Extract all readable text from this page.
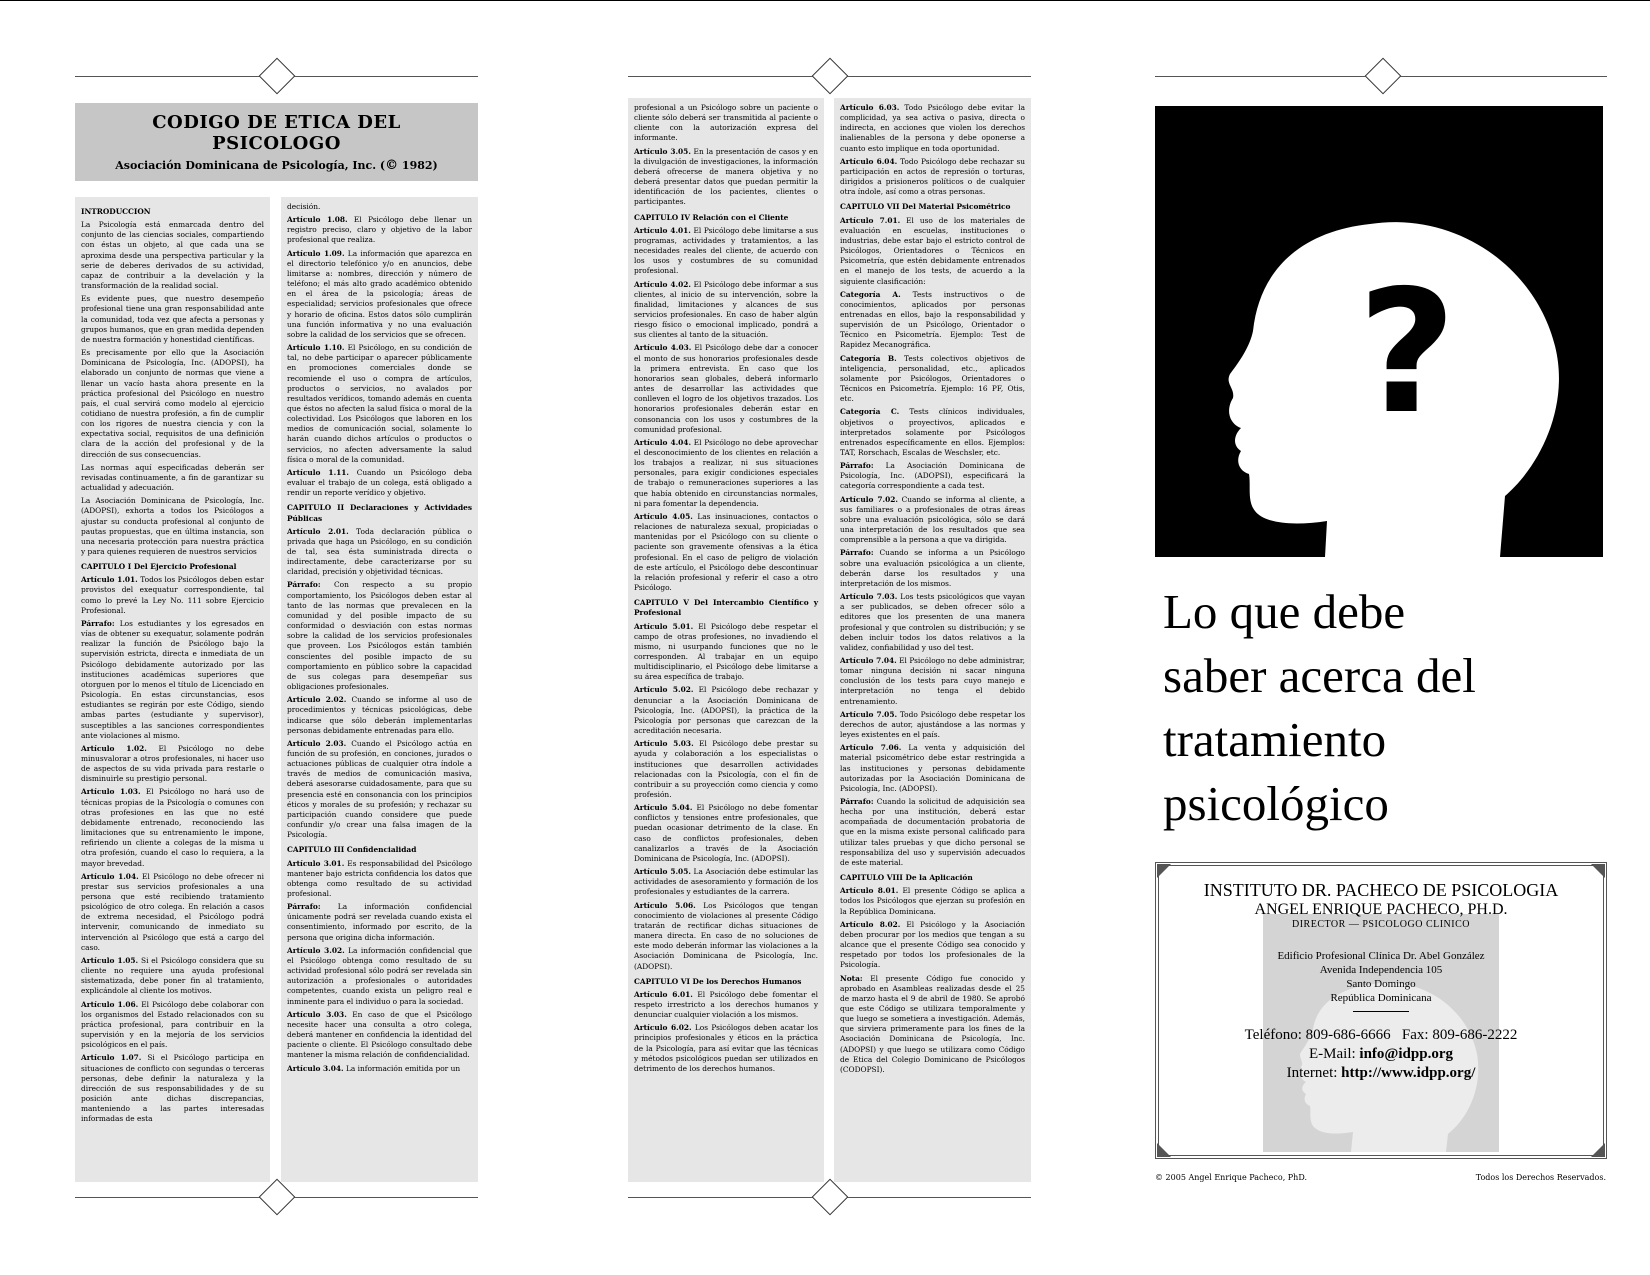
CODIGO DE ETICA DEL
PSICOLOGO
Asociación Dominicana de Psicología, Inc. (© 1982)

INTRODUCCION

La Psicología está enmarcada dentro del conjunto de las ciencias sociales, compartiendo con éstas un objeto, al que cada una se aproxima desde una perspectiva particular y la serie de deberes derivados de su actividad, capaz de contribuir a la develación y la transformación de la realidad social.

Es evidente pues, que nuestro desempeño profesional tiene una gran responsabilidad ante la comunidad, toda vez que afecta a personas y grupos humanos, que en gran medida dependen de nuestra formación y honestidad científicas.

Es precisamente por ello que la Asociación Dominicana de Psicología, Inc. (ADOPSI), ha elaborado un conjunto de normas que viene a llenar un vacío hasta ahora presente en la práctica profesional del Psicólogo en nuestro país, el cual servirá como modelo al ejercicio cotidiano de nuestra profesión, a fin de cumplir con los rigores de nuestra ciencia y con la expectativa social, requisitos de una definición clara de la acción del profesional y de la dirección de sus consecuencias.

Las normas aquí especificadas deberán ser revisadas continuamente, a fin de garantizar su actualidad y adecuación.

La Asociación Dominicana de Psicología, Inc. (ADOPSI), exhorta a todos los Psicólogos a ajustar su conducta profesional al conjunto de pautas propuestas, que en última instancia, son una necesaria protección para nuestra práctica y para quienes requieren de nuestros servicios

CAPITULO I Del Ejercicio Profesional

Artículo 1.01. Todos los Psicólogos deben estar provistos del exequatur correspondiente, tal como lo prevé la Ley No. 111 sobre Ejercicio Profesional.

Párrafo: Los estudiantes y los egresados en vías de obtener su exequatur, solamente podrán realizar la función de Psicólogo bajo la supervisión estricta, directa e inmediata de un Psicólogo debidamente autorizado por las instituciones académicas superiores que otorguen por lo menos el título de Licenciado en Psicología. En estas circunstancias, esos estudiantes se regirán por este Código, siendo ambas partes (estudiante y supervisor), susceptibles a las sanciones correspondientes ante violaciones al mismo.

Artículo 1.02. El Psicólogo no debe minusvalorar a otros profesionales, ni hacer uso de aspectos de su vida privada para restarle o disminuirle su prestigio personal.

Artículo 1.03. El Psicólogo no hará uso de técnicas propias de la Psicología o comunes con otras profesiones en las que no esté debidamente entrenado, reconociendo las limitaciones que su entrenamiento le impone, refiriendo un cliente a colegas de la misma u otra profesión, cuando el caso lo requiera, a la mayor brevedad.

Artículo 1.04. El Psicólogo no debe ofrecer ni prestar sus servicios profesionales a una persona que esté recibiendo tratamiento psicológico de otro colega. En relación a casos de extrema necesidad, el Psicólogo podrá intervenir, comunicando de inmediato su intervención al Psicólogo que está a cargo del caso.

Artículo 1.05. Si el Psicólogo considera que su cliente no requiere una ayuda profesional sistematizada, debe poner fin al tratamiento, explicándole al cliente los motivos.

Artículo 1.06. El Psicólogo debe colaborar con los organismos del Estado relacionados con su práctica profesional, para contribuir en la supervisión y en la mejoría de los servicios psicológicos en el país.

Artículo 1.07. Si el Psicólogo participa en situaciones de conflicto con segundas o terceras personas, debe definir la naturaleza y la dirección de sus responsabilidades y de su posición ante dichas discrepancias, manteniendo a las partes interesadas informadas de esta

decisión.

Artículo 1.08. El Psicólogo debe llenar un registro preciso, claro y objetivo de la labor profesional que realiza.

Artículo 1.09. La información que aparezca en el directorio telefónico y/o en anuncios, debe limitarse a: nombres, dirección y número de teléfono; el más alto grado académico obtenido en el área de la psicología; áreas de especialidad; servicios profesionales que ofrece y horario de oficina. Estos datos sólo cumplirán una función informativa y no una evaluación sobre la calidad de los servicios que se ofrecen.

Artículo 1.10. El Psicólogo, en su condición de tal, no debe participar o aparecer públicamente en promociones comerciales donde se recomiende el uso o compra de artículos, productos o servicios, no avalados por resultados verídicos, tomando además en cuenta que éstos no afecten la salud física o moral de la colectividad. Los Psicólogos que laboren en los medios de comunicación social, solamente lo harán cuando dichos artículos o productos o servicios, no afecten adversamente la salud física o moral de la comunidad.

Artículo 1.11. Cuando un Psicólogo deba evaluar el trabajo de un colega, está obligado a rendir un reporte verídico y objetivo.

CAPITULO II Declaraciones y Actividades Públicas

Artículo 2.01. Toda declaración pública o privada que haga un Psicólogo, en su condición de tal, sea ésta suministrada directa o indirectamente, debe caracterizarse por su claridad, precisión y objetividad técnicas.

Párrafo: Con respecto a su propio comportamiento, los Psicólogos deben estar al tanto de las normas que prevalecen en la comunidad y del posible impacto de su conformidad o desviación con estas normas sobre la calidad de los servicios profesionales que proveen. Los Psicólogos están también conscientes del posible impacto de su comportamiento en público sobre la capacidad de sus colegas para desempeñar sus obligaciones profesionales.

Artículo 2.02. Cuando se informe al uso de procedimientos y técnicas psicológicas, debe indicarse que sólo deberán implementarlas personas debidamente entrenadas para ello.

Artículo 2.03. Cuando el Psicólogo actúa en función de su profesión, en conciones, jurados o actuaciones públicas de cualquier otra índole a través de medios de comunicación masiva, deberá asesorarse cuidadosamente, para que su presencia esté en consonancia con los principios éticos y morales de su profesión; y rechazar su participación cuando considere que puede confundir y/o crear una falsa imagen de la Psicología.

CAPITULO III Confidencialidad

Artículo 3.01. Es responsabilidad del Psicólogo mantener bajo estricta confidencia los datos que obtenga como resultado de su actividad profesional.

Párrafo: La información confidencial únicamente podrá ser revelada cuando exista el consentimiento, informado por escrito, de la persona que origina dicha información.

Artículo 3.02. La información confidencial que el Psicólogo obtenga como resultado de su actividad profesional sólo podrá ser revelada sin autorización a profesionales o autoridades competentes, cuando exista un peligro real e inminente para el individuo o para la sociedad.

Artículo 3.03. En caso de que el Psicólogo necesite hacer una consulta a otro colega, deberá mantener en confidencia la identidad del paciente o cliente. El Psicólogo consultado debe mantener la misma relación de confidencialidad.

Artículo 3.04. La información emitida por un

profesional a un Psicólogo sobre un paciente o cliente sólo deberá ser transmitida al paciente o cliente con la autorización expresa del informante.

Artículo 3.05. En la presentación de casos y en la divulgación de investigaciones, la información deberá ofrecerse de manera objetiva y no deberá presentar datos que puedan permitir la identificación de los pacientes, clientes o participantes.

CAPITULO IV Relación con el Cliente

Artículo 4.01. El Psicólogo debe limitarse a sus programas, actividades y tratamientos, a las necesidades reales del cliente, de acuerdo con los usos y costumbres de su comunidad profesional.

Artículo 4.02. El Psicólogo debe informar a sus clientes, al inicio de su intervención, sobre la finalidad, limitaciones y alcances de sus servicios profesionales. En caso de haber algún riesgo físico o emocional implicado, pondrá a sus clientes al tanto de la situación.

Artículo 4.03. El Psicólogo debe dar a conocer el monto de sus honorarios profesionales desde la primera entrevista. En caso que los honorarios sean globales, deberá informarlo antes de desarrollar las actividades que conlleven el logro de los objetivos trazados. Los honorarios profesionales deberán estar en consonancia con los usos y costumbres de la comunidad profesional.

Artículo 4.04. El Psicólogo no debe aprovechar el desconocimiento de los clientes en relación a los trabajos a realizar, ni sus situaciones personales, para exigir condiciones especiales de trabajo o remuneraciones superiores a las que había obtenido en circunstancias normales, ni para fomentar la dependencia.

Artículo 4.05. Las insinuaciones, contactos o relaciones de naturaleza sexual, propiciadas o mantenidas por el Psicólogo con su cliente o paciente son gravemente ofensivas a la ética profesional. En el caso de peligro de violación de este artículo, el Psicólogo debe descontinuar la relación profesional y referir el caso a otro Psicólogo.

CAPITULO V Del Intercambio Científico y Profesional

Artículo 5.01. El Psicólogo debe respetar el campo de otras profesiones, no invadiendo el mismo, ni usurpando funciones que no le corresponden. Al trabajar en un equipo multidisciplinario, el Psicólogo debe limitarse a su área específica de trabajo.

Artículo 5.02. El Psicólogo debe rechazar y denunciar a la Asociación Dominicana de Psicología, Inc. (ADOPSI), la práctica de la Psicología por personas que carezcan de la acreditación necesaria.

Artículo 5.03. El Psicólogo debe prestar su ayuda y colaboración a los especialistas o instituciones que desarrollen actividades relacionadas con la Psicología, con el fin de contribuir a su proyección como ciencia y como profesión.

Artículo 5.04. El Psicólogo no debe fomentar conflictos y tensiones entre profesionales, que puedan ocasionar detrimento de la clase. En caso de conflictos profesionales, deben canalizarlos a través de la Asociación Dominicana de Psicología, Inc. (ADOPSI).

Artículo 5.05. La Asociación debe estimular las actividades de asesoramiento y formación de los profesionales y estudiantes de la carrera.

Artículo 5.06. Los Psicólogos que tengan conocimiento de violaciones al presente Código tratarán de rectificar dichas situaciones de manera directa. En caso de no soluciones de este modo deberán informar las violaciones a la Asociación Dominicana de Psicología, Inc. (ADOPSI).

CAPITULO VI De los Derechos Humanos

Artículo 6.01. El Psicólogo debe fomentar el respeto irrestricto a los derechos humanos y denunciar cualquier violación a los mismos.

Artículo 6.02. Los Psicólogos deben acatar los principios profesionales y éticos en la práctica de la Psicología, para así evitar que las técnicas y métodos psicológicos puedan ser utilizados en detrimento de los derechos humanos.

Artículo 6.03. Todo Psicólogo debe evitar la complicidad, ya sea activa o pasiva, directa o indirecta, en acciones que violen los derechos inalienables de la persona y debe oponerse a cuanto esto implique en toda oportunidad.

Artículo 6.04. Todo Psicólogo debe rechazar su participación en actos de represión o torturas, dirigidos a prisioneros políticos o de cualquier otra índole, así como a otras personas.

CAPITULO VII Del Material Psicométrico

Artículo 7.01. El uso de los materiales de evaluación en escuelas, instituciones o industrias, debe estar bajo el estricto control de Psicólogos, Orientadores o Técnicos en Psicometría, que estén debidamente entrenados en el manejo de los tests, de acuerdo a la siguiente clasificación:

Categoría A. Tests instructivos o de conocimientos, aplicados por personas entrenadas en ellos, bajo la responsabilidad y supervisión de un Psicólogo, Orientador o Técnico en Psicometría. Ejemplo: Test de Rapidez Mecanográfica.

Categoría B. Tests colectivos objetivos de inteligencia, personalidad, etc., aplicados solamente por Psicólogos, Orientadores o Técnicos en Psicometría. Ejemplo: 16 PF, Otis, etc.

Categoría C. Tests clínicos individuales, objetivos o proyectivos, aplicados e interpretados solamente por Psicólogos entrenados específicamente en ellos. Ejemplos: TAT, Rorschach, Escalas de Weschsler, etc.

Párrafo: La Asociación Dominicana de Psicología, Inc. (ADOPSI), especificará la categoría correspondiente a cada test.

Artículo 7.02. Cuando se informa al cliente, a sus familiares o a profesionales de otras áreas sobre una evaluación psicológica, sólo se dará una interpretación de los resultados que sea comprensible a la persona a que va dirigida.

Párrafo: Cuando se informa a un Psicólogo sobre una evaluación psicológica a un cliente, deberán darse los resultados y una interpretación de los mismos.

Artículo 7.03. Los tests psicológicos que vayan a ser publicados, se deben ofrecer sólo a editores que los presenten de una manera profesional y que controlen su distribución; y se deben incluir todos los datos relativos a la validez, confiabilidad y uso del test.

Artículo 7.04. El Psicólogo no debe administrar, tomar ninguna decisión ni sacar ninguna conclusión de los tests para cuyo manejo e interpretación no tenga el debido entrenamiento.

Artículo 7.05. Todo Psicólogo debe respetar los derechos de autor, ajustándose a las normas y leyes existentes en el país.

Artículo 7.06. La venta y adquisición del material psicométrico debe estar restringida a las instituciones y personas debidamente autorizadas por la Asociación Dominicana de Psicología, Inc. (ADOPSI).

Párrafo: Cuando la solicitud de adquisición sea hecha por una institución, deberá estar acompañada de documentación probatoria de que en la misma existe personal calificado para utilizar tales pruebas y que dicho personal se responsabiliza del uso y supervisión adecuados de este material.

CAPITULO VIII De la Aplicación

Artículo 8.01. El presente Código se aplica a todos los Psicólogos que ejerzan su profesión en la República Dominicana.

Artículo 8.02. El Psicólogo y la Asociación deben procurar por los medios que tengan a su alcance que el presente Código sea conocido y respetado por todos los profesionales de la Psicología.

Nota: El presente Código fue conocido y aprobado en Asambleas realizadas desde el 25 de marzo hasta el 9 de abril de 1980. Se aprobó que este Código se utilizara temporalmente y que luego se sometiera a investigación. Además, que sirviera primeramente para los fines de la Asociación Dominicana de Psicología, Inc. (ADOPSI) y que luego se utilizara como Código de Etica del Colegio Dominicano de Psicólogos (CODOPSI).

?
Lo que debe
saber acerca del
tratamiento
psicológico
INSTITUTO DR. PACHECO DE PSICOLOGIA
ANGEL ENRIQUE PACHECO, PH.D.
DIRECTOR — PSICOLOGO CLINICO
Edificio Profesional Clínica Dr. Abel González
Avenida Independencia 105
Santo Domingo
República Dominicana
Teléfono: 809-686-6666   Fax: 809-686-2222
E-Mail: info@idpp.org
Internet: http://www.idpp.org/
© 2005 Angel Enrique Pacheco, PhD.	Todos los Derechos Reservados.
